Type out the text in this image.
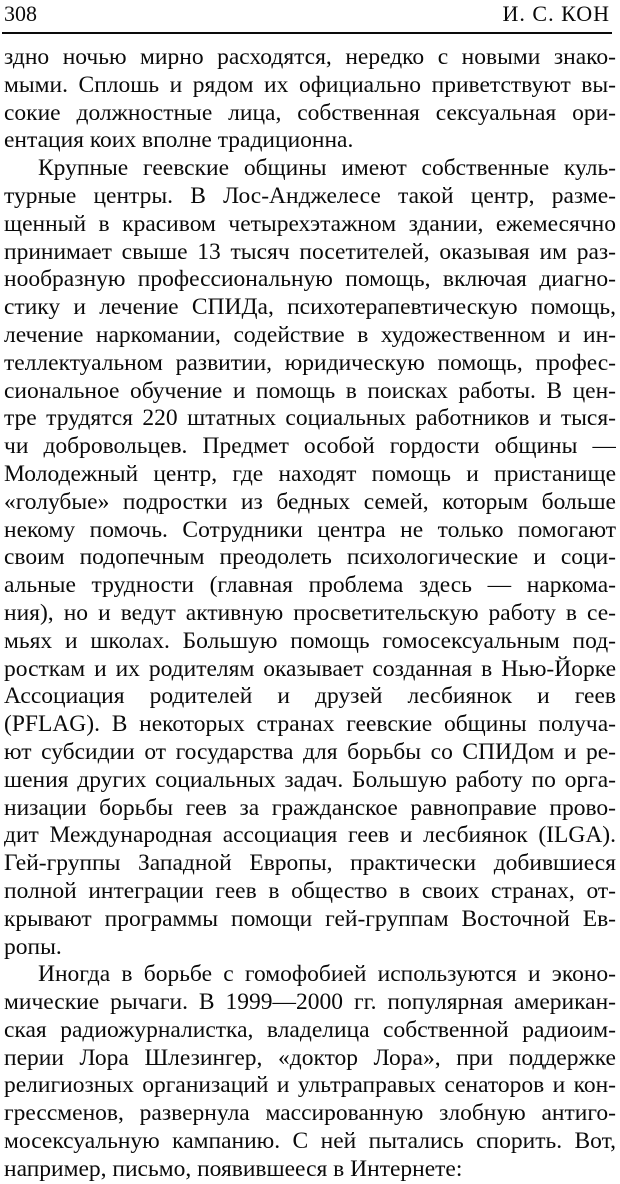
308	И. С. КОН
здно ночью мирно расходятся, нередко с новыми знако-
мыми. Сплошь и рядом их официально приветствуют вы-
сокие должностные лица, собственная сексуальная ори-
ентация коих вполне традиционна.
Крупные геевские общины имеют собственные куль-
турные центры. В Лос-Анджелесе такой центр, разме-
щенный в красивом четырехэтажном здании, ежемесячно
принимает свыше 13 тысяч посетителей, оказывая им раз-
нообразную профессиональную помощь, включая диагно-
стику и лечение СПИДа, психотерапевтическую помощь,
лечение наркомании, содействие в художественном и ин-
теллектуальном развитии, юридическую помощь, профес-
сиональное обучение и помощь в поисках работы. В цен-
тре трудятся 220 штатных социальных работников и тыся-
чи добровольцев. Предмет особой гордости общины —
Молодежный центр, где находят помощь и пристанище
«голубые» подростки из бедных семей, которым больше
некому помочь. Сотрудники центра не только помогают
своим подопечным преодолеть психологические и соци-
альные трудности (главная проблема здесь — наркома-
ния), но и ведут активную просветительскую работу в се-
мьях и школах. Большую помощь гомосексуальным под-
росткам и их родителям оказывает созданная в Нью-Йорке
Ассоциация родителей и друзей лесбиянок и геев
(PFLAG). В некоторых странах геевские общины получа-
ют субсидии от государства для борьбы со СПИДом и ре-
шения других социальных задач. Большую работу по орга-
низации борьбы геев за гражданское равноправие прово-
дит Международная ассоциация геев и лесбиянок (ILGA).
Гей-группы Западной Европы, практически добившиеся
полной интеграции геев в общество в своих странах, от-
крывают программы помощи гей-группам Восточной Ев-
ропы.
Иногда в борьбе с гомофобией используются и эконо-
мические рычаги. В 1999—2000 гг. популярная американ-
ская радиожурналистка, владелица собственной радиоим-
перии Лора Шлезингер, «доктор Лора», при поддержке
религиозных организаций и ультраправых сенаторов и кон-
грессменов, развернула массированную злобную антиго-
мосексуальную кампанию. С ней пытались спорить. Вот,
например, письмо, появившееся в Интернете:
